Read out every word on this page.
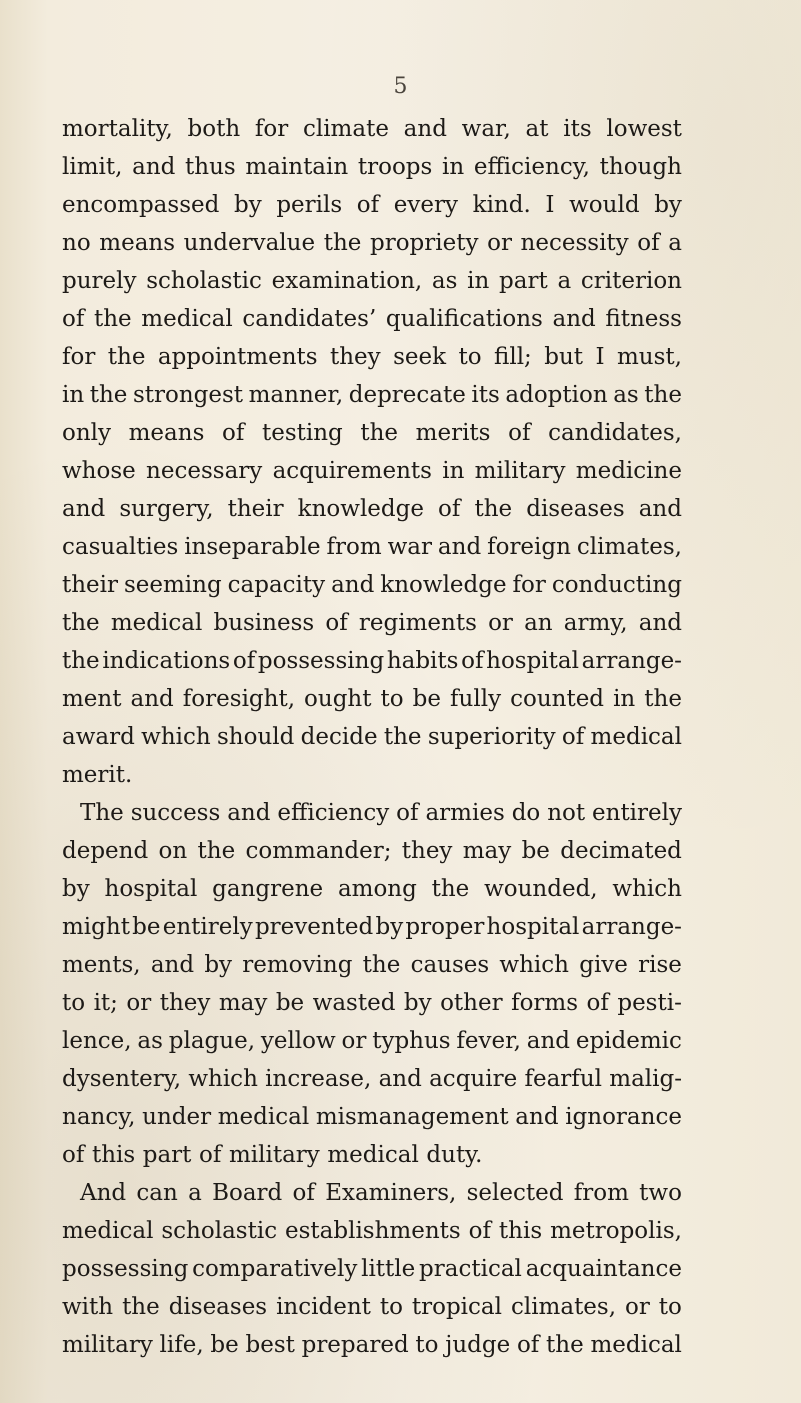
5
mortality, both for climate and war, at its lowest
limit, and thus maintain troops in efficiency, though
encompassed by perils of every kind. I would by
no means undervalue the propriety or necessity of a
purely scholastic examination, as in part a criterion
of the medical candidates’ qualifications and fitness
for the appointments they seek to fill; but I must,
in the strongest manner, deprecate its adoption as the
only means of testing the merits of candidates,
whose necessary acquirements in military medicine
and surgery, their knowledge of the diseases and
casualties inseparable from war and foreign climates,
their seeming capacity and knowledge for conducting
the medical business of regiments or an army, and
the indications of possessing habits of hospital arrange-
ment and foresight, ought to be fully counted in the
award which should decide the superiority of medical
merit.
The success and efficiency of armies do not entirely
depend on the commander; they may be decimated
by hospital gangrene among the wounded, which
might be entirely prevented by proper hospital arrange-
ments, and by removing the causes which give rise
to it; or they may be wasted by other forms of pesti-
lence, as plague, yellow or typhus fever, and epidemic
dysentery, which increase, and acquire fearful malig-
nancy, under medical mismanagement and ignorance
of this part of military medical duty.
And can a Board of Examiners, selected from two
medical scholastic establishments of this metropolis,
possessing comparatively little practical acquaintance
with the diseases incident to tropical climates, or to
military life, be best prepared to judge of the medical
